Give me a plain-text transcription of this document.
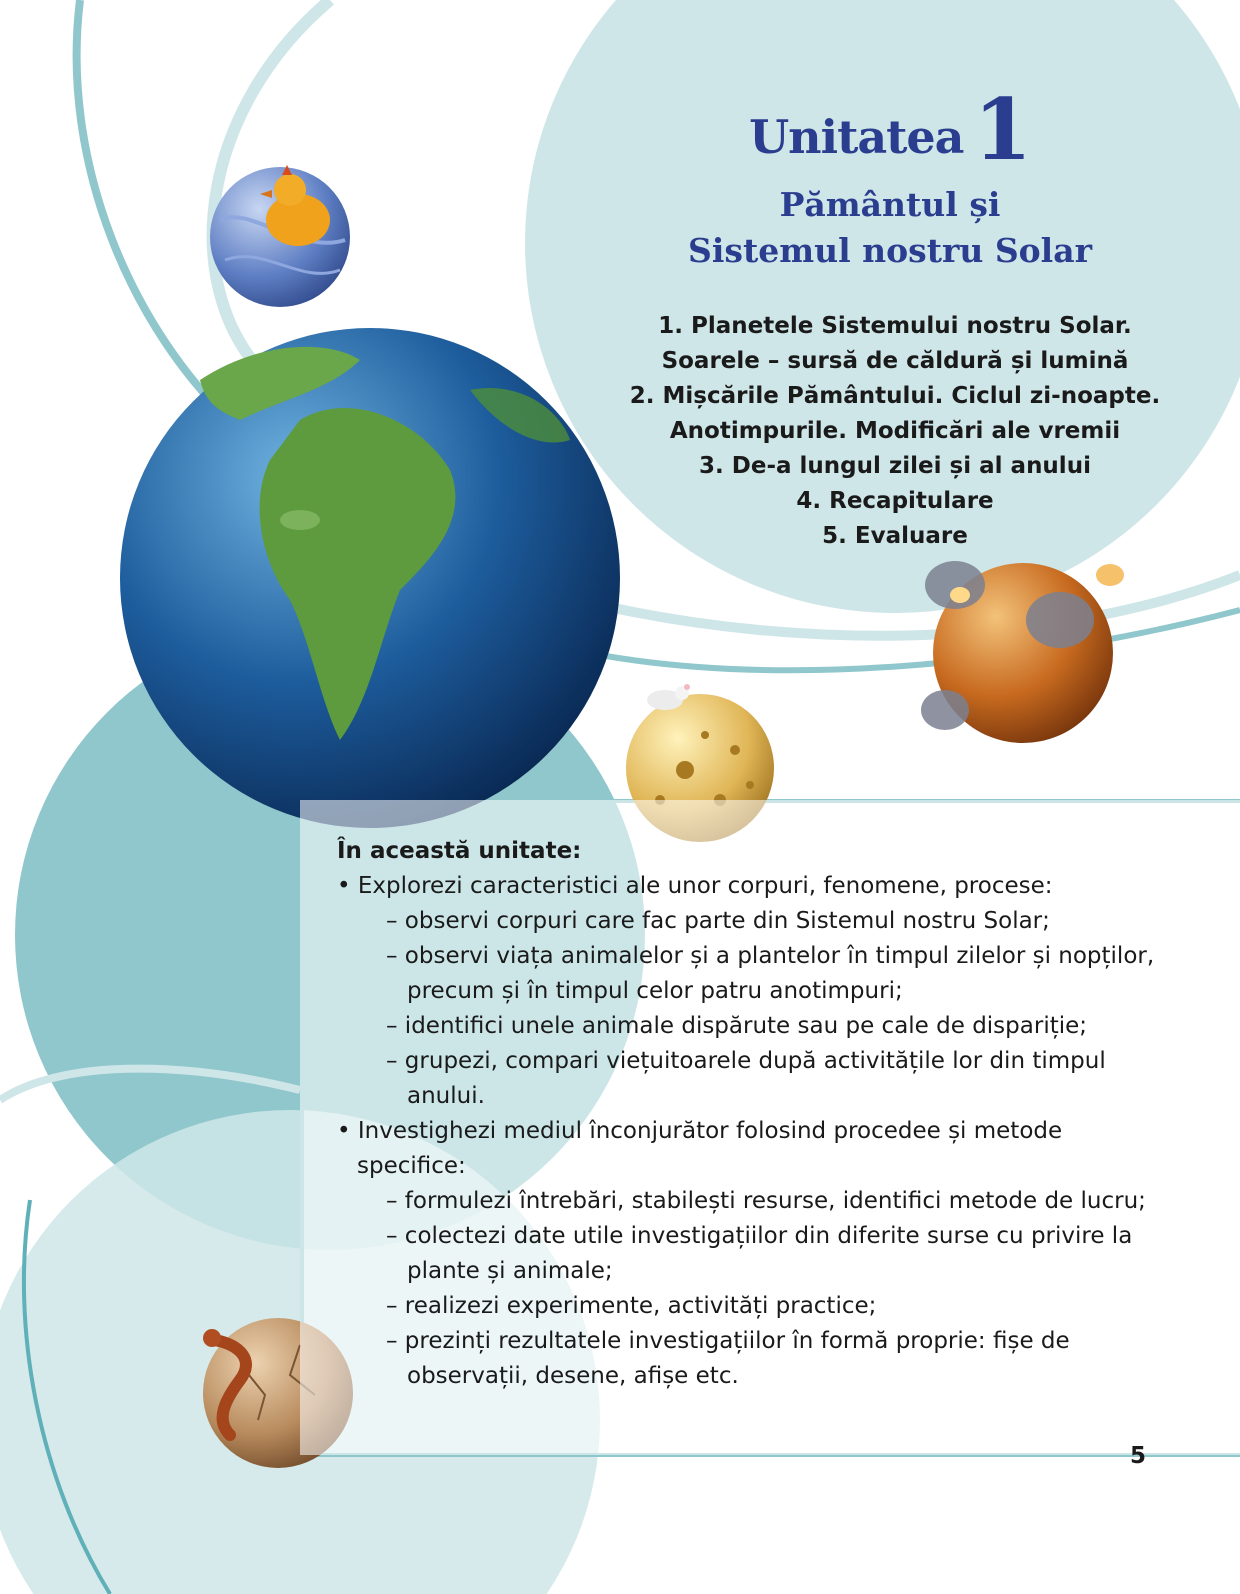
Unitatea 1
Pământul și
Sistemul nostru Solar
1. Planetele Sistemului nostru Solar.
Soarele – sursă de căldură și lumină
2. Mișcările Pământului. Ciclul zi-noapte.
Anotimpurile. Modificări ale vremii
3. De-a lungul zilei și al anului
4. Recapitulare
5. Evaluare
În această unitate:
• Explorezi caracteristici ale unor corpuri, fenomene, procese:
– observi corpuri care fac parte din Sistemul nostru Solar;
– observi viața animalelor și a plantelor în timpul zilelor și nopților, precum și în timpul celor patru anotimpuri;
– identifici unele animale dispărute sau pe cale de dispariție;
– grupezi, compari viețuitoarele după activitățile lor din timpul anului.
• Investighezi mediul înconjurător folosind procedee și metode specifice:
– formulezi întrebări, stabilești resurse, identifici metode de lucru;
– colectezi date utile investigațiilor din diferite surse cu privire la plante și animale;
– realizezi experimente, activități practice;
– prezinți rezultatele investigațiilor în formă proprie: fișe de observații, desene, afișe etc.
5
